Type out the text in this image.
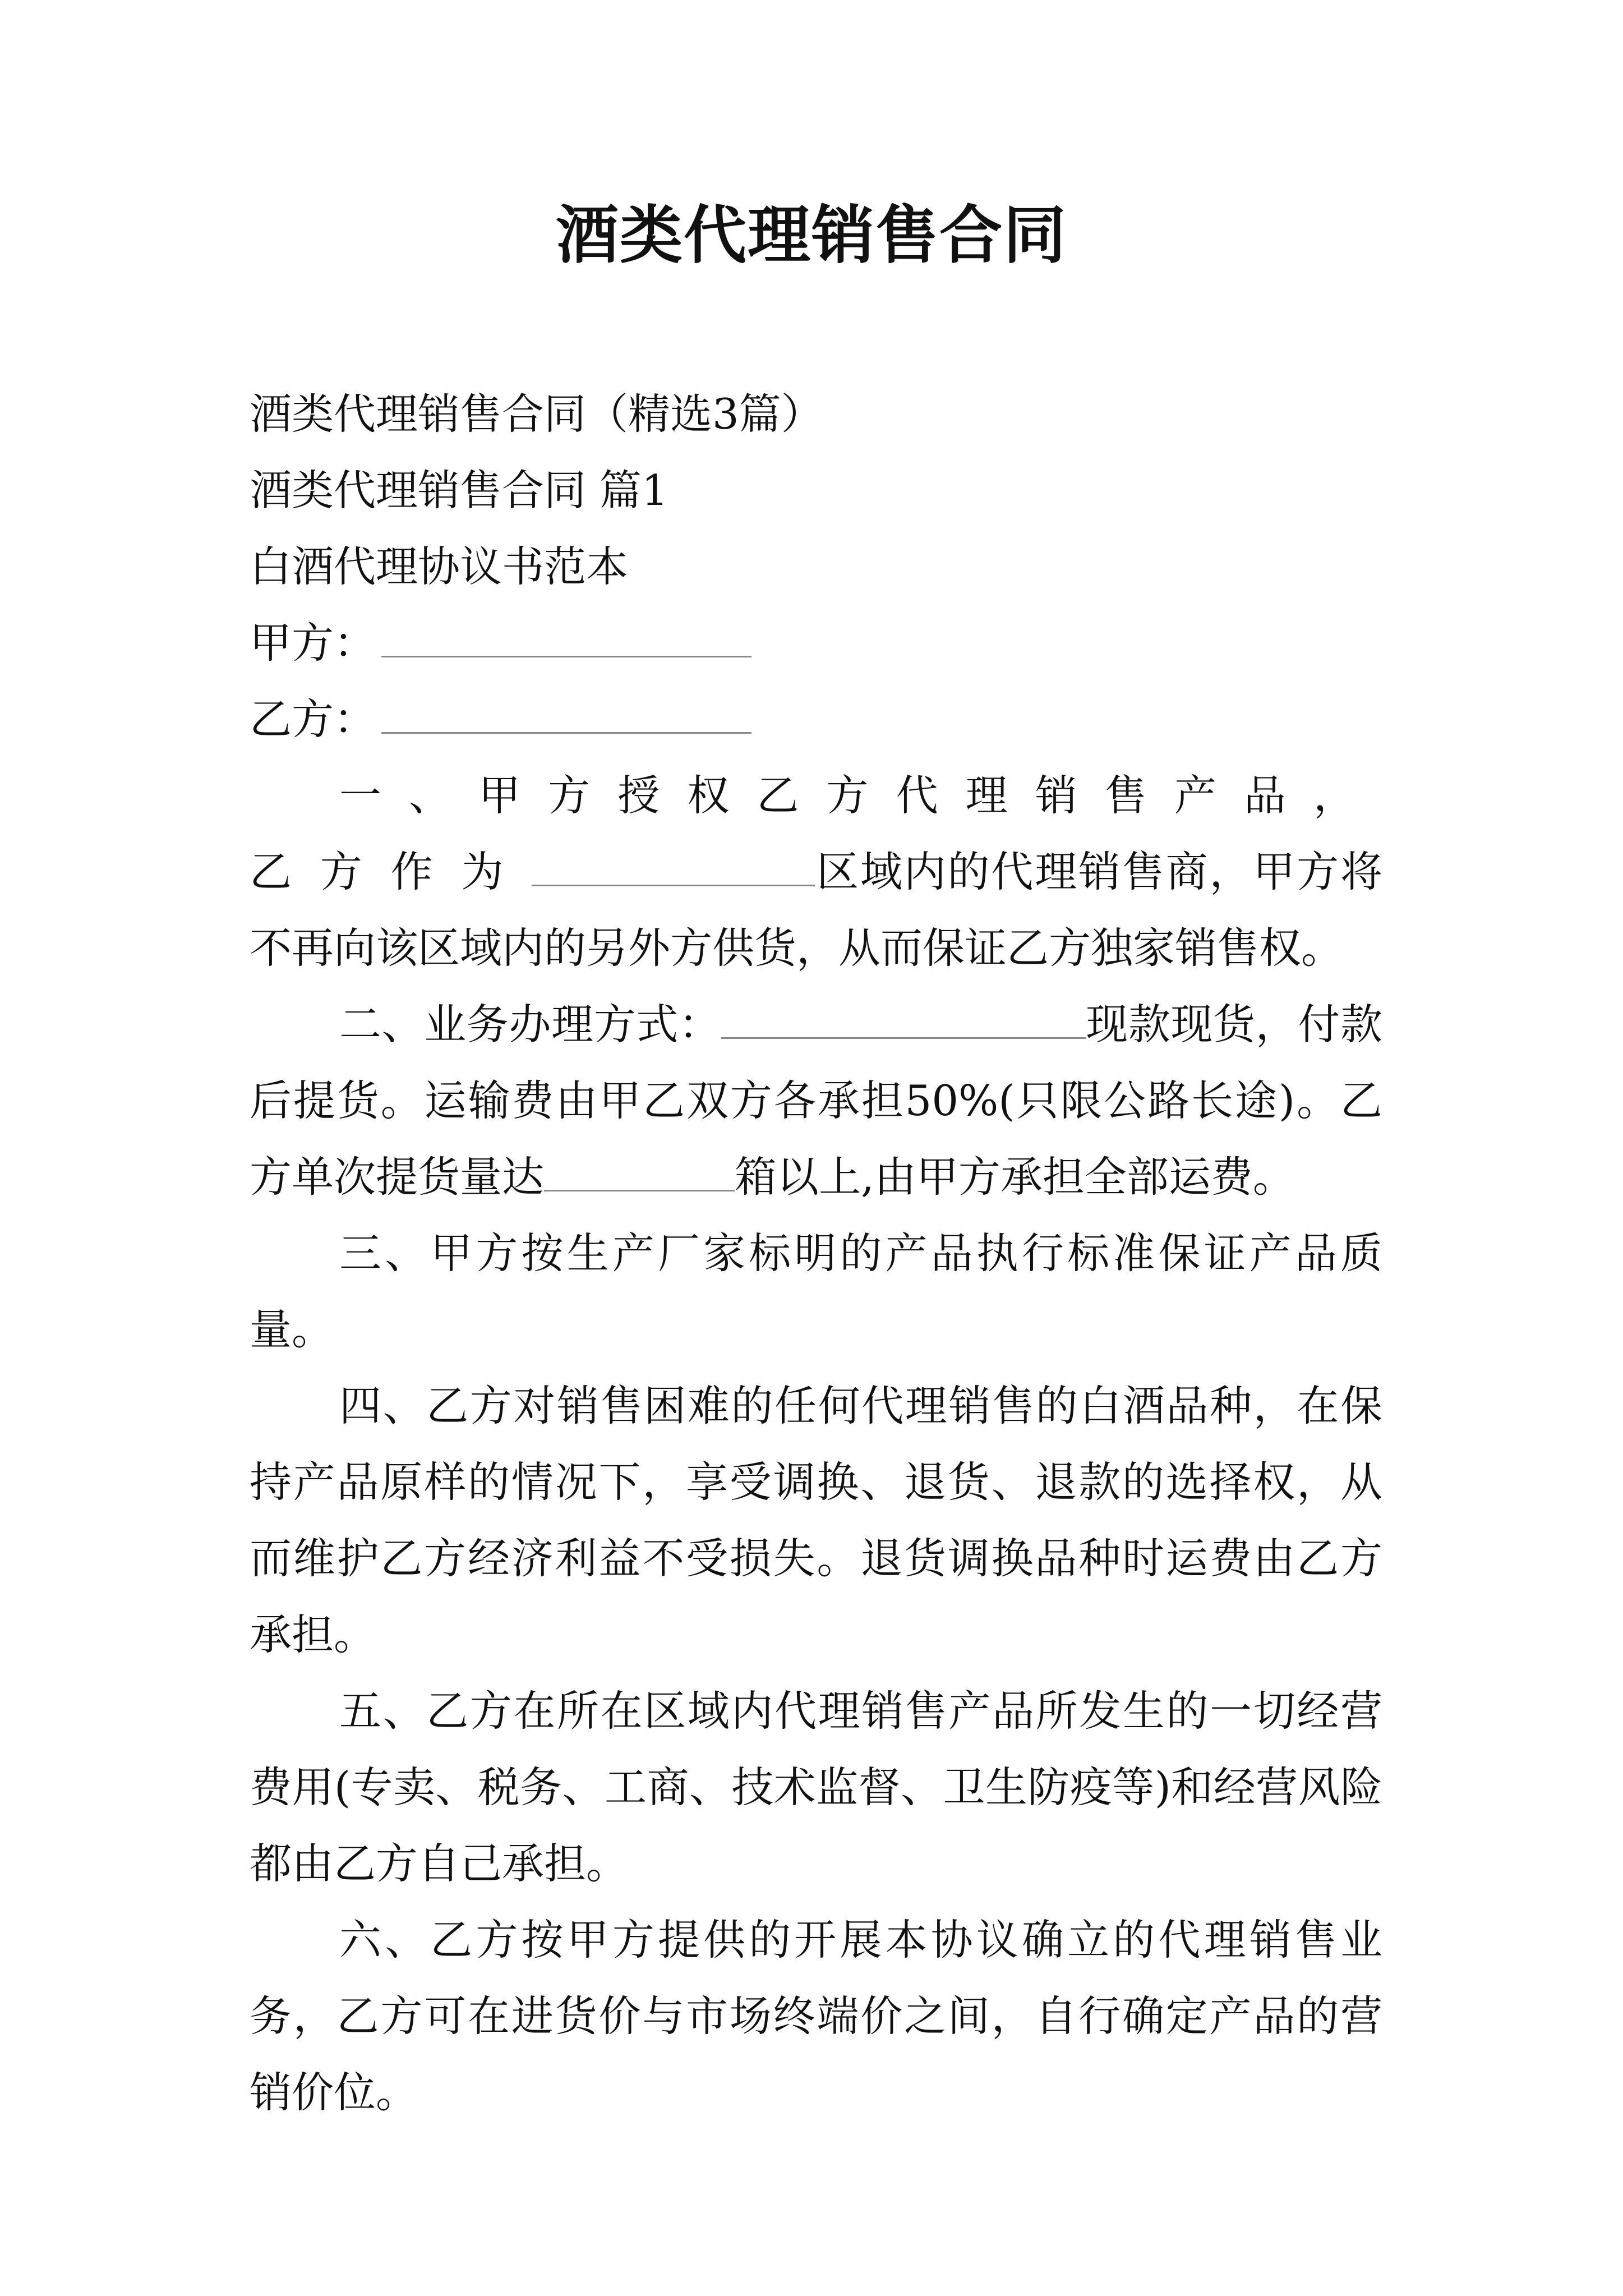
酒类代理销售合同

酒类代理销售合同（精选3篇）

酒类代理销售合同 篇1

白酒代理协议书范本

甲方：

乙方：

一、甲方授权乙方代理销售产品，乙方作为	区域内的代理销售商，甲方将不再向该区域内的另外方供货，从而保证乙方独家销售权。

二、业务办理方式：	现款现货，付款后提货。运输费由甲乙双方各承担50%(只限公路长途)。乙方单次提货量达	箱以上,由甲方承担全部运费。

三、甲方按生产厂家标明的产品执行标准保证产品质量。

四、乙方对销售困难的任何代理销售的白酒品种，在保持产品原样的情况下，享受调换、退货、退款的选择权，从而维护乙方经济利益不受损失。退货调换品种时运费由乙方承担。

五、乙方在所在区域内代理销售产品所发生的一切经营费用(专卖、税务、工商、技术监督、卫生防疫等)和经营风险都由乙方自己承担。

六、乙方按甲方提供的开展本协议确立的代理销售业务，乙方可在进货价与市场终端价之间，自行确定产品的营销价位。
